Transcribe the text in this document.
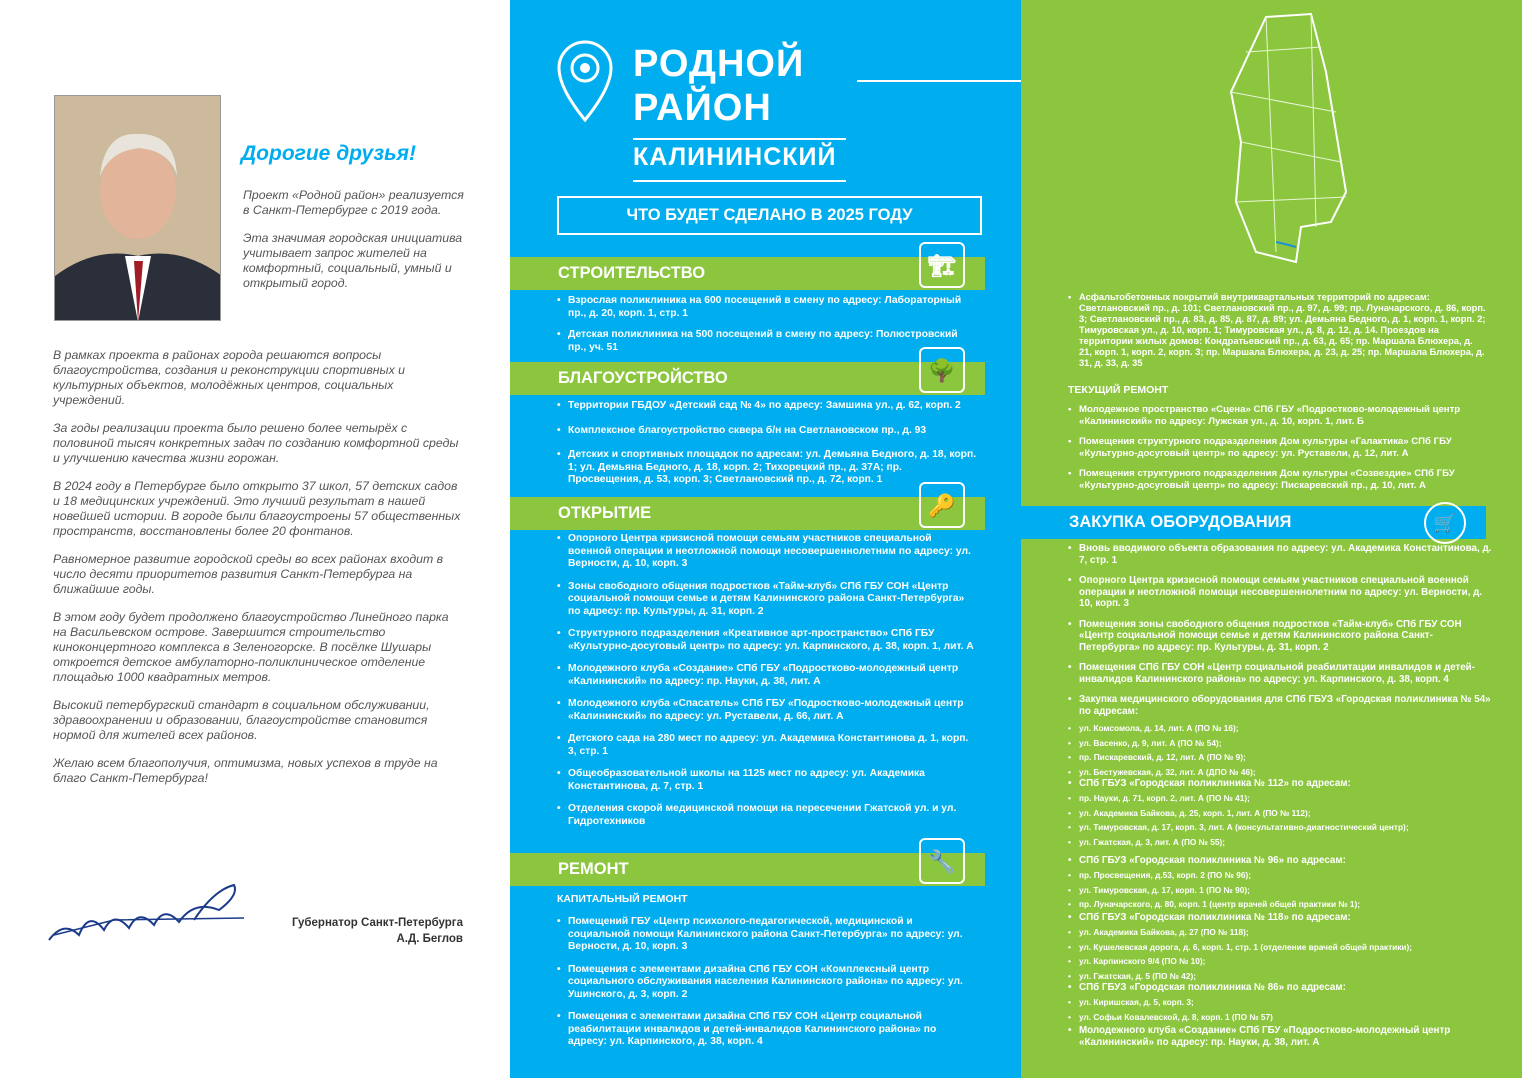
Дорогие друзья!

Проект «Родной район» реализуется в Санкт-Петербурге с 2019 года.

Эта значимая городская инициатива учитывает запрос жителей на комфортный, социальный, умный и открытый город.

В рамках проекта в районах города решаются вопросы благоустройства, создания и реконструкции спортивных и культурных объектов, молодёжных центров, социальных учреждений.

За годы реализации проекта было решено более четырёх с половиной тысяч конкретных задач по созданию комфортной среды и улучшению качества жизни горожан.

В 2024 году в Петербурге было открыто 37 школ, 57 детских садов и 18 медицинских учреждений. Это лучший результат в нашей новейшей истории. В городе были благоустроены 57 общественных пространств, восстановлены более 20 фонтанов.

Равномерное развитие городской среды во всех районах входит в число десяти приоритетов развития Санкт-Петербурга на ближайшие годы.

В этом году будет продолжено благоустройство Линейного парка на Васильевском острове. Завершится строительство киноконцертного комплекса в Зеленогорске. В посёлке Шушары откроется детское амбулаторно-поликлиническое отделение площадью 1000 квадратных метров.

Высокий петербургский стандарт в социальном обслуживании, здравоохранении и образовании, благоустройстве становится нормой для жителей всех районов.

Желаю всем благополучия, оптимизма, новых успехов в труде на благо Санкт-Петербурга!

Губернатор Санкт-Петербурга
А.Д. Беглов
РОДНОЙ
РАЙОН
КАЛИНИНСКИЙ
ЧТО БУДЕТ СДЕЛАНО В 2025 ГОДУ
СТРОИТЕЛЬСТВО	🏗
• Взрослая поликлиника на 600 посещений в смену по адресу: Лабораторный пр., д. 20, корп. 1, стр. 1
• Детская поликлиника на 500 посещений в смену по адресу: Полюстровский пр., уч. 51
БЛАГОУСТРОЙСТВО	🌳
• Территории ГБДОУ «Детский сад № 4» по адресу: Замшина ул., д. 62, корп. 2
• Комплексное благоустройство сквера б/н на Светлановском пр., д. 93
• Детских и спортивных площадок по адресам: ул. Демьяна Бедного, д. 18, корп. 1; ул. Демьяна Бедного, д. 18, корп. 2; Тихорецкий пр., д. 37А; пр. Просвещения, д. 53, корп. 3; Светлановский пр., д. 72, корп. 1
ОТКРЫТИЕ	🔑
• Опорного Центра кризисной помощи семьям участников специальной военной операции и неотложной помощи несовершеннолетним по адресу: ул. Верности, д. 10, корп. 3
• Зоны свободного общения подростков «Тайм-клуб» СПб ГБУ СОН «Центр социальной помощи семье и детям Калининского района Санкт-Петербурга» по адресу: пр. Культуры, д. 31, корп. 2
• Структурного подразделения «Креативное арт-пространство» СПб ГБУ «Культурно-досуговый центр» по адресу: ул. Карпинского, д. 38, корп. 1, лит. А
• Молодежного клуба «Создание» СПб ГБУ «Подростково-молодежный центр «Калининский» по адресу: пр. Науки, д. 38, лит. А
• Молодежного клуба «Спасатель» СПб ГБУ «Подростково-молодежный центр «Калининский» по адресу: ул. Руставели, д. 66, лит. А
• Детского сада на 280 мест по адресу: ул. Академика Константинова д. 1, корп. 3, стр. 1
• Общеобразовательной школы на 1125 мест по адресу: ул. Академика Константинова, д. 7, стр. 1
• Отделения скорой медицинской помощи на пересечении Гжатской ул. и ул. Гидротехников
РЕМОНТ	🔧
КАПИТАЛЬНЫЙ РЕМОНТ
• Помещений ГБУ «Центр психолого-педагогической, медицинской и социальной помощи Калининского района Санкт-Петербурга» по адресу: ул. Верности, д. 10, корп. 3
• Помещения с элементами дизайна СПб ГБУ СОН «Комплексный центр социального обслуживания населения Калининского района» по адресу: ул. Ушинского, д. 3, корп. 2
• Помещения с элементами дизайна СПб ГБУ СОН «Центр социальной реабилитации инвалидов и детей-инвалидов Калининского района» по адресу: ул. Карпинского, д. 38, корп. 4
• Асфальтобетонных покрытий внутриквартальных территорий по адресам: Светлановский пр., д. 101; Светлановский пр., д. 97, д. 99; пр. Луначарского, д. 86, корп. 3; Светлановский пр., д. 83, д. 85, д. 87, д. 89; ул. Демьяна Бедного, д. 1, корп. 1, корп. 2; Тимуровская ул., д. 10, корп. 1; Тимуровская ул., д. 8, д. 12, д. 14. Проездов на территории жилых домов: Кондратьевский пр., д. 63, д. 65; пр. Маршала Блюхера, д. 21, корп. 1, корп. 2, корп. 3; пр. Маршала Блюхера, д. 23, д. 25; пр. Маршала Блюхера, д. 31, д. 33, д. 35
ТЕКУЩИЙ РЕМОНТ
• Молодежное пространство «Сцена» СПб ГБУ «Подростково-молодежный центр «Калининский» по адресу: Лужская ул., д. 10, корп. 1, лит. Б
• Помещения структурного подразделения Дом культуры «Галактика» СПб ГБУ «Культурно-досуговый центр» по адресу: ул. Руставели, д. 12, лит. А
• Помещения структурного подразделения Дом культуры «Созвездие» СПб ГБУ «Культурно-досуговый центр» по адресу: Пискаревский пр., д. 10, лит. А
ЗАКУПКА ОБОРУДОВАНИЯ	🛒
• Вновь вводимого объекта образования по адресу: ул. Академика Константинова, д. 7, стр. 1
• Опорного Центра кризисной помощи семьям участников специальной военной операции и неотложной помощи несовершеннолетним по адресу: ул. Верности, д. 10, корп. 3
• Помещения зоны свободного общения подростков «Тайм-клуб» СПб ГБУ СОН «Центр социальной помощи семье и детям Калининского района Санкт-Петербурга» по адресу: пр. Культуры, д. 31, корп. 2
• Помещения СПб ГБУ СОН «Центр социальной реабилитации инвалидов и детей-инвалидов Калининского района» по адресу: ул. Карпинского, д. 38, корп. 4
• Закупка медицинского оборудования для СПб ГБУЗ «Городская поликлиника № 54» по адресам:
• ул. Комсомола, д. 14, лит. А (ПО № 16);
• ул. Васенко, д. 9, лит. А (ПО № 54);
• пр. Пискаревский, д. 12, лит. А (ПО № 9);
• ул. Бестужевская, д. 32, лит. А (ДПО № 46);
• СПб ГБУЗ «Городская поликлиника № 112» по адресам:
• пр. Науки, д. 71, корп. 2, лит. А (ПО № 41);
• ул. Академика Байкова, д. 25, корп. 1, лит. А (ПО № 112);
• ул. Тимуровская, д. 17, корп. 3, лит. А (консультативно-диагностический центр);
• ул. Гжатская, д. 3, лит. А (ПО № 55);
• СПб ГБУЗ «Городская поликлиника № 96» по адресам:
• пр. Просвещения, д.53, корп. 2 (ПО № 96);
• ул. Тимуровская, д. 17, корп. 1 (ПО № 90);
• пр. Луначарского, д. 80, корп. 1 (центр врачей общей практики № 1);
• СПб ГБУЗ «Городская поликлиника № 118» по адресам:
• ул. Академика Байкова, д. 27 (ПО № 118);
• ул. Кушелевская дорога, д. 6, корп. 1, стр. 1 (отделение врачей общей практики);
• ул. Карпинского 9/4 (ПО № 10);
• ул. Гжатская, д. 5 (ПО № 42);
• СПб ГБУЗ «Городская поликлиника № 86» по адресам:
• ул. Киришская, д. 5, корп. 3;
• ул. Софьи Ковалевской, д. 8, корп. 1 (ПО № 57)
• Молодежного клуба «Создание» СПб ГБУ «Подростково-молодежный центр «Калининский» по адресу: пр. Науки, д. 38, лит. А
